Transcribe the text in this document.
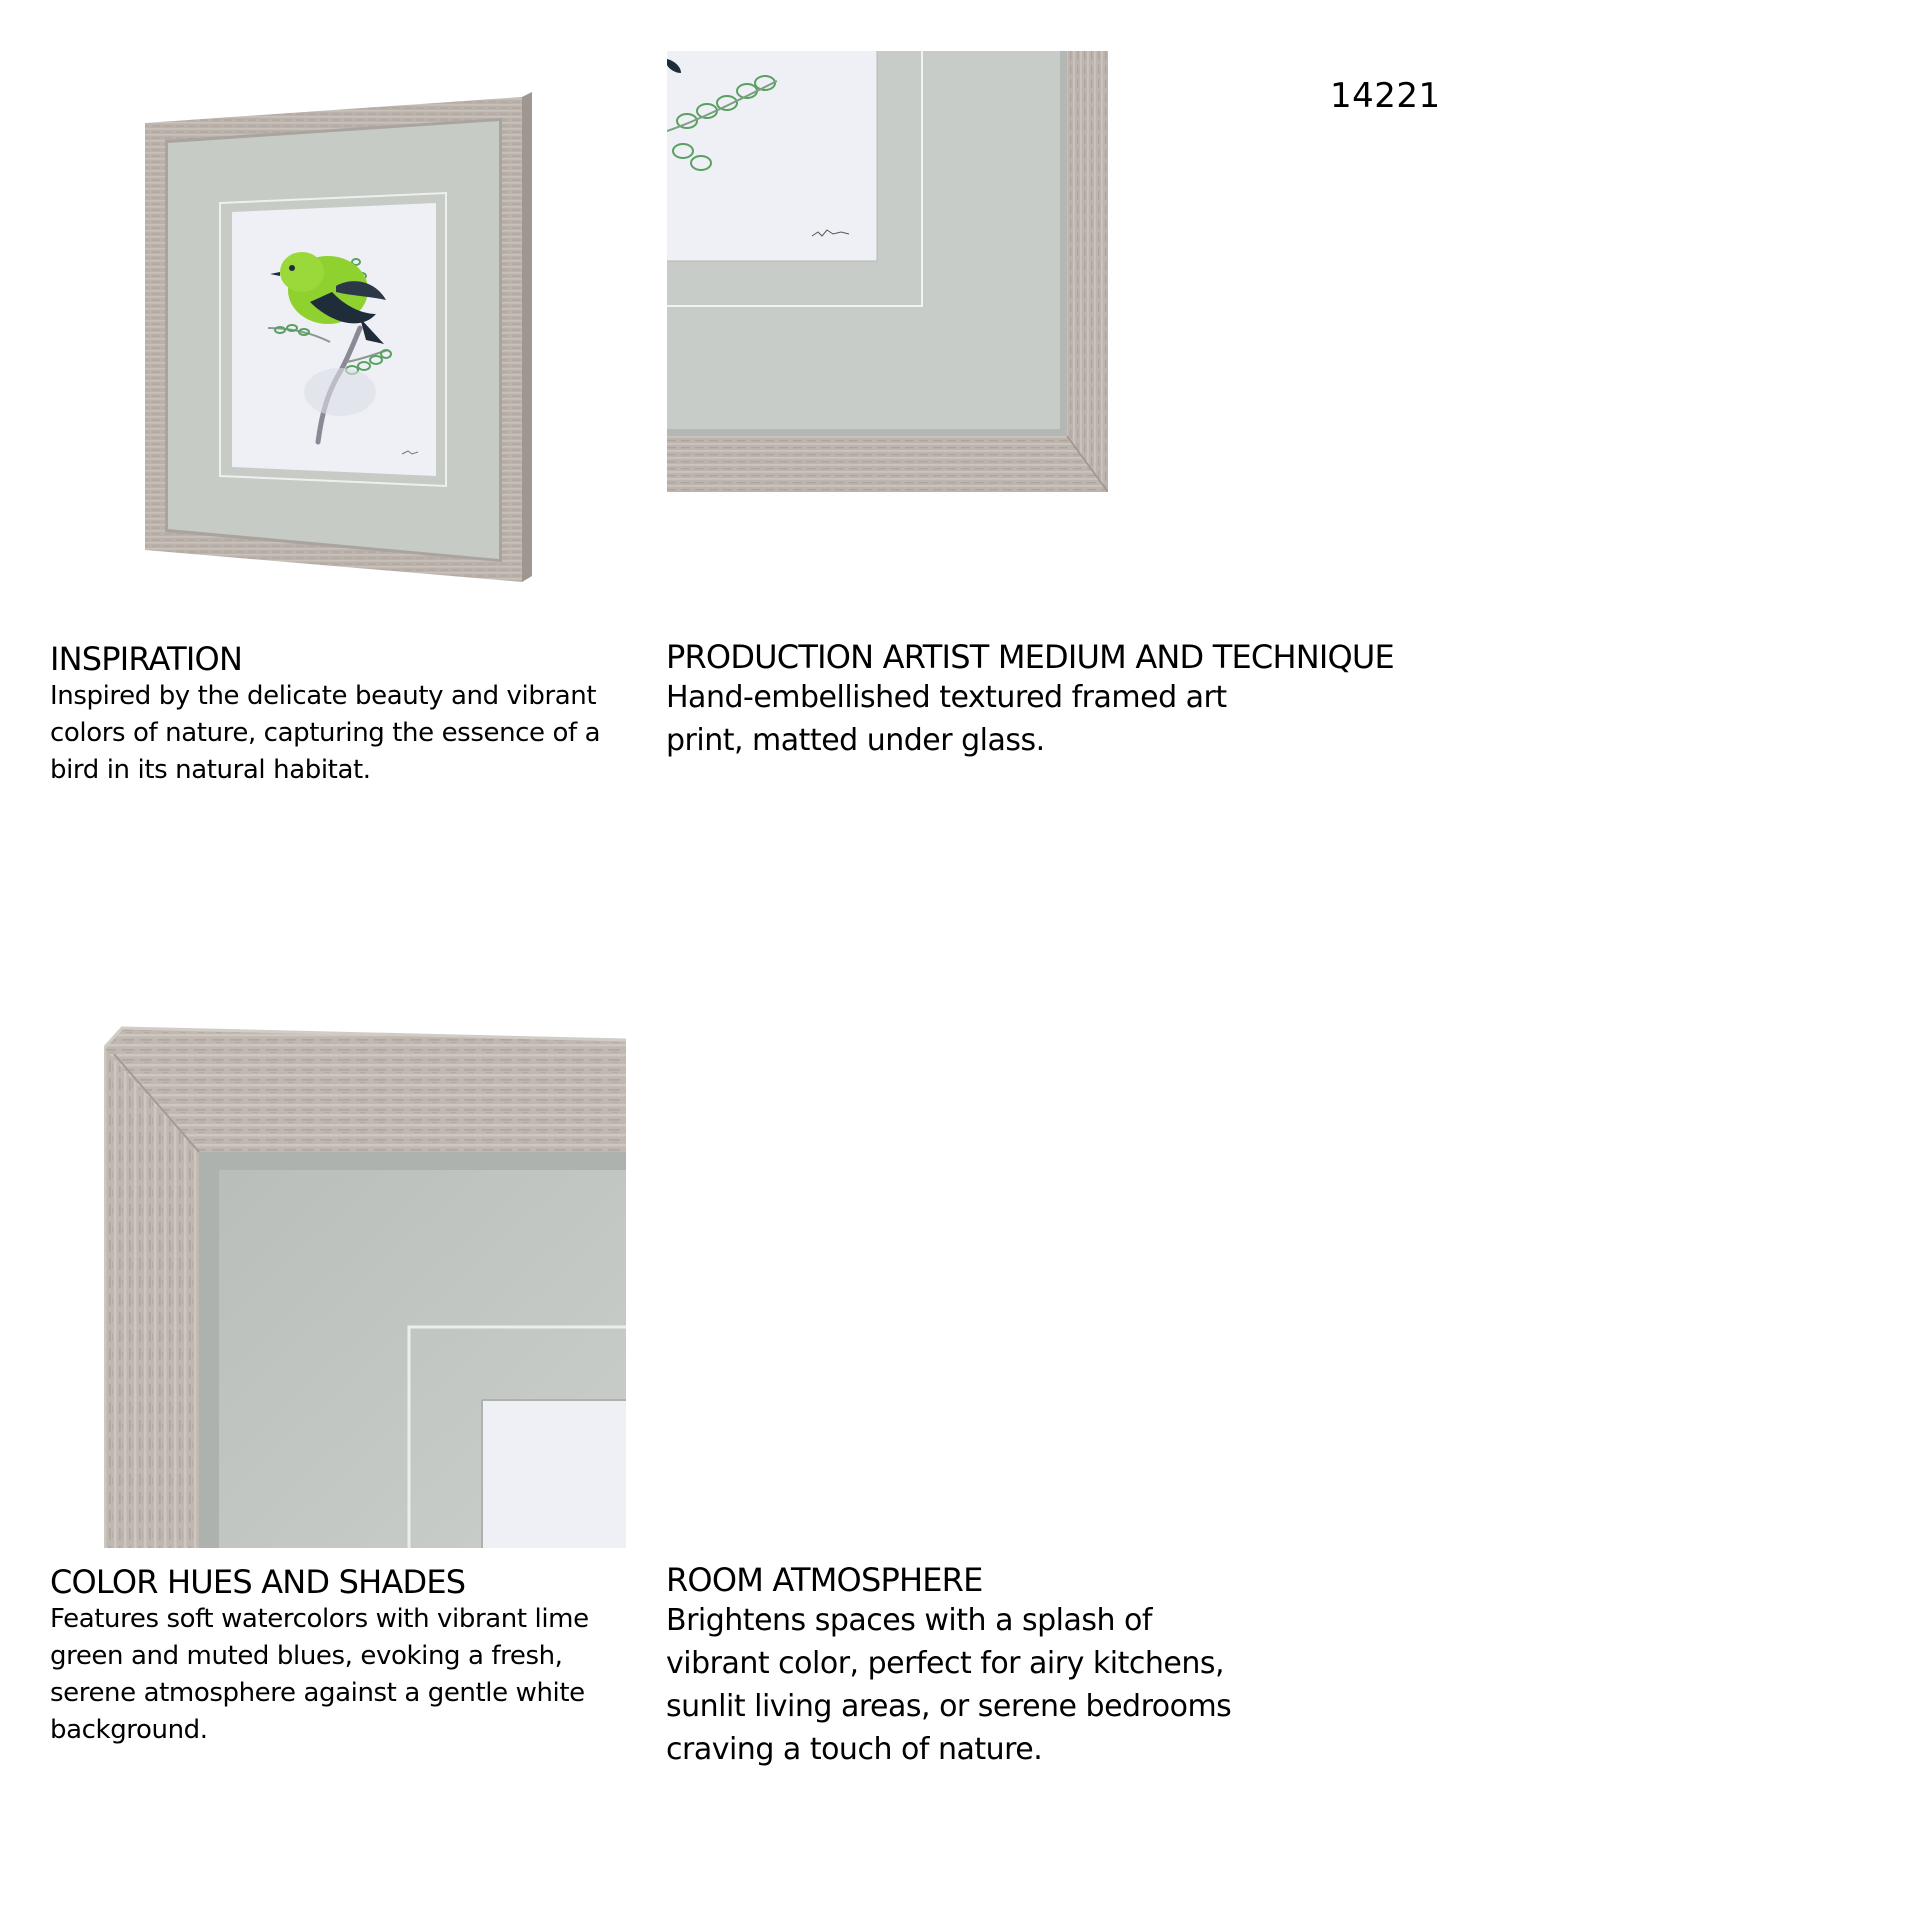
14221
INSPIRATION

Inspired by the delicate beauty and vibrant
colors of nature, capturing the essence of a
bird in its natural habitat.

PRODUCTION ARTIST MEDIUM AND TECHNIQUE

Hand-embellished textured framed art
print, matted under glass.

COLOR HUES AND SHADES

Features soft watercolors with vibrant lime
green and muted blues, evoking a fresh,
serene atmosphere against a gentle white
background.

ROOM ATMOSPHERE

Brightens spaces with a splash of
vibrant color, perfect for airy kitchens,
sunlit living areas, or serene bedrooms
craving a touch of nature.
